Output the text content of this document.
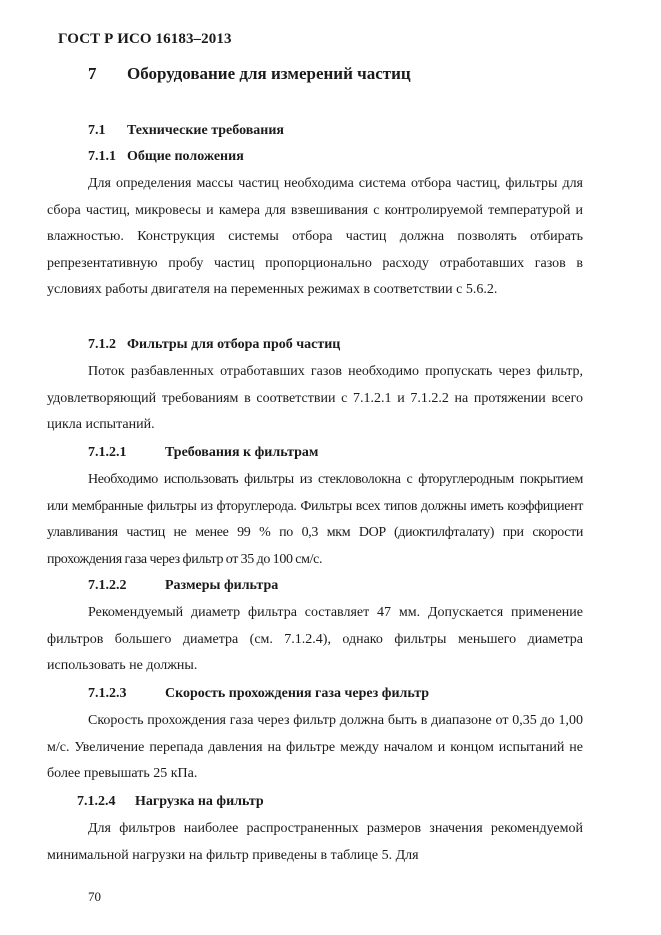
ГОСТ Р ИСО 16183–2013
7 Оборудование для измерений частиц
7.1 Технические требования
7.1.1 Общие положения

Для определения массы частиц необходима система отбора частиц, фильтры для сбора частиц, микровесы и камера для взвешивания с контролируемой температурой и влажностью. Конструкция системы отбора частиц должна позволять отбирать репрезентативную пробу частиц пропорционально расходу отработавших газов в условиях работы двигателя на переменных режимах в соответствии с 5.6.2.

7.1.2 Фильтры для отбора проб частиц

Поток разбавленных отработавших газов необходимо пропускать через фильтр, удовлетворяющий требованиям в соответствии с 7.1.2.1 и 7.1.2.2 на протяжении всего цикла испытаний.

7.1.2.1	Требования к фильтрам

Необходимо использовать фильтры из стекловолокна с фторуглеродным покрытием или мембранные фильтры из фторуглерода. Фильтры всех типов должны иметь коэффициент улавливания частиц не менее 99 % по 0,3 мкм DOP (диоктилфталату) при скорости прохождения газа через фильтр от 35 до 100 см/с.

7.1.2.2	Размеры фильтра

Рекомендуемый диаметр фильтра составляет 47 мм. Допускается применение фильтров большего диаметра (см. 7.1.2.4), однако фильтры меньшего диаметра использовать не должны.

7.1.2.3	Скорость прохождения газа через фильтр

Скорость прохождения газа через фильтр должна быть в диапазоне от 0,35 до 1,00 м/с. Увеличение перепада давления на фильтре между началом и концом испытаний не более превышать 25 кПа.

7.1.2.4 Нагрузка на фильтр

Для фильтров наиболее распространенных размеров значения рекомендуемой минимальной нагрузки на фильтр приведены в таблице 5. Для

70
